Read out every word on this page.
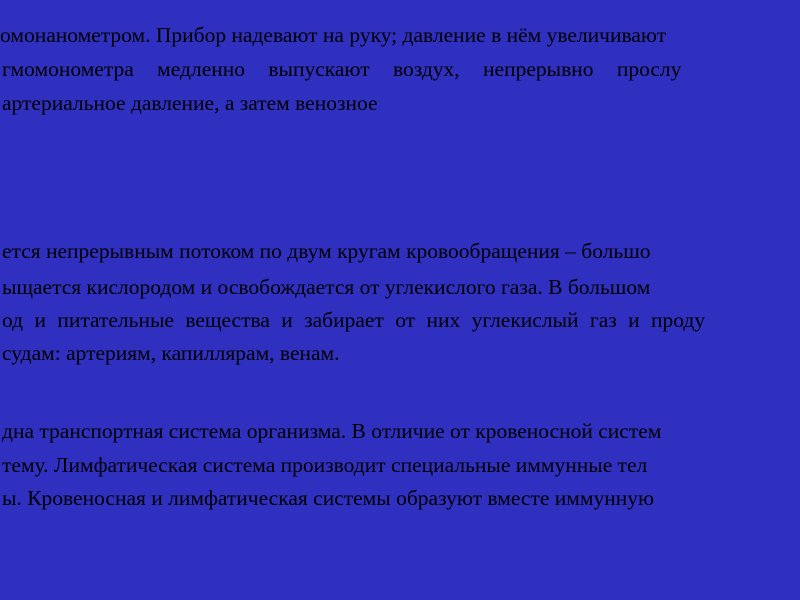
омонанометром. Прибор надевают на руку; давление в нём увеличивают
гмомонометра медленно выпускают воздух, непрерывно прослу
артериальное давление, а затем венозное
ется непрерывным потоком по двум кругам кровообращения – большо
ыщается кислородом и освобождается от углекислого газа. В большом
од и питательные вещества и забирает от них углекислый газ и проду
судам: артериям, капиллярам, венам.
дна транспортная система организма. В отличие от кровеносной систем
тему. Лимфатическая система производит специальные иммунные тел
ы. Кровеносная и лимфатическая системы образуют вместе иммунную
